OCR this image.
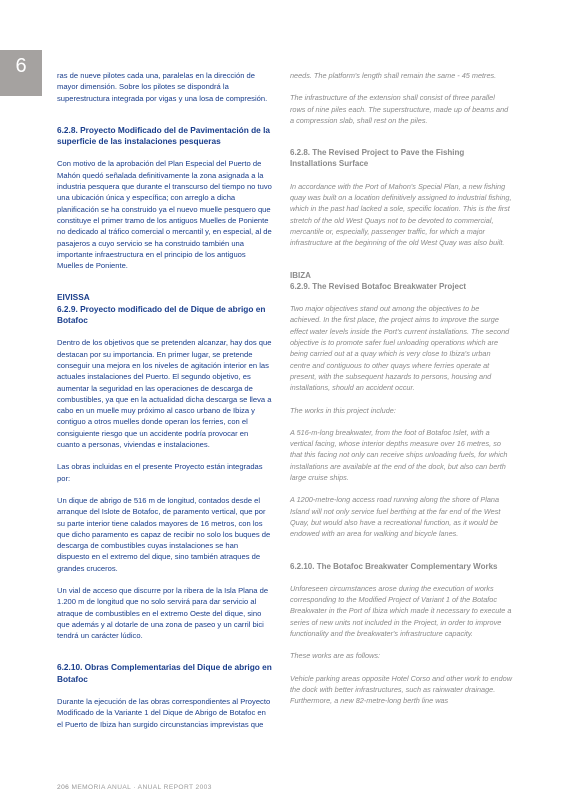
6	ras de nueve pilotes cada una, paralelas en la dirección de mayor dimensión. Sobre los pilotes se dispondrá la superestructura integrada por vigas y una losa de compresión.

6.2.8. Proyecto Modificado del de Pavimentación de la superficie de las instalaciones pesqueras

Con motivo de la aprobación del Plan Especial del Puerto de Mahón quedó señalada definitivamente la zona asignada a la industria pesquera que durante el transcurso del tiempo no tuvo una ubicación única y específica; con arreglo a dicha planificación se ha construido ya el nuevo muelle pesquero que constituye el primer tramo de los antiguos Muelles de Poniente no dedicado al tráfico comercial o mercantil y, en especial, al de pasajeros a cuyo servicio se ha construido también una importante infraestructura en el principio de los antiguos Muelles de Poniente.

EIVISSA
6.2.9. Proyecto modificado del de Dique de abrigo en Botafoc

Dentro de los objetivos que se pretenden alcanzar, hay dos que destacan por su importancia. En primer lugar, se pretende conseguir una mejora en los niveles de agitación interior en las actuales instalaciones del Puerto. El segundo objetivo, es aumentar la seguridad en las operaciones de descarga de combustibles, ya que en la actualidad dicha descarga se lleva a cabo en un muelle muy próximo al casco urbano de Ibiza y contiguo a otros muelles donde operan los ferries, con el consiguiente riesgo que un accidente podría provocar en cuanto a personas, viviendas e instalaciones.

Las obras incluidas en el presente Proyecto están integradas por:

Un dique de abrigo de 516 m de longitud, contados desde el arranque del Islote de Botafoc, de paramento vertical, que por su parte interior tiene calados mayores de 16 metros, con los que dicho paramento es capaz de recibir no solo los buques de descarga de combustibles cuyas instalaciones se han dispuesto en el extremo del dique, sino también atraques de grandes cruceros.

Un vial de acceso que discurre por la ribera de la Isla Plana de 1.200 m de longitud que no solo servirá para dar servicio al atraque de combustibles en el extremo Oeste del dique, sino que además y al dotarle de una zona de paseo y un carril bici tendrá un carácter lúdico.

6.2.10. Obras Complementarias del Dique de abrigo en Botafoc

Durante la ejecución de las obras correspondientes al Proyecto Modificado de la Variante 1 del Dique de Abrigo de Botafoc en el Puerto de Ibiza han surgido circunstancias imprevistas que

needs. The platform's length shall remain the same - 45 metres.

The infrastructure of the extension shall consist of three parallel rows of nine piles each. The superstructure, made up of beams and a compression slab, shall rest on the piles.

6.2.8. The Revised Project to Pave the Fishing Installations Surface

In accordance with the Port of Mahon's Special Plan, a new fishing quay was built on a location definitively assigned to industrial fishing, which in the past had lacked a sole, specific location. This is the first stretch of the old West Quays not to be devoted to commercial, mercantile or, especially, passenger traffic, for which a major infrastructure at the beginning of the old West Quay was also built.

IBIZA
6.2.9. The Revised Botafoc Breakwater Project

Two major objectives stand out among the objectives to be achieved. In the first place, the project aims to improve the surge effect water levels inside the Port's current installations. The second objective is to promote safer fuel unloading operations which are being carried out at a quay which is very close to Ibiza's urban centre and contiguous to other quays where ferries operate at present, with the subsequent hazards to persons, housing and installations, should an accident occur.

The works in this project include:

A 516-m-long breakwater, from the foot of Botafoc Islet, with a vertical facing, whose interior depths measure over 16 metres, so that this facing not only can receive ships unloading fuels, for which installations are available at the end of the dock, but also can berth large cruise ships.

A 1200-metre-long access road running along the shore of Plana Island will not only service fuel berthing at the far end of the West Quay, but would also have a recreational function, as it would be endowed with an area for walking and bicycle lanes.

6.2.10. The Botafoc Breakwater Complementary Works

Unforeseen circumstances arose during the execution of works corresponding to the Modified Project of Variant 1 of the Botafoc Breakwater in the Port of Ibiza which made it necessary to execute a series of new units not included in the Project, in order to improve functionality and the breakwater's infrastructure capacity.

These works are as follows:

Vehicle parking areas opposite Hotel Corso and other work to endow the dock with better infrastructures, such as rainwater drainage. Furthermore, a new 82-metre-long berth line was

206 MEMORIA ANUAL · ANUAL REPORT 2003
